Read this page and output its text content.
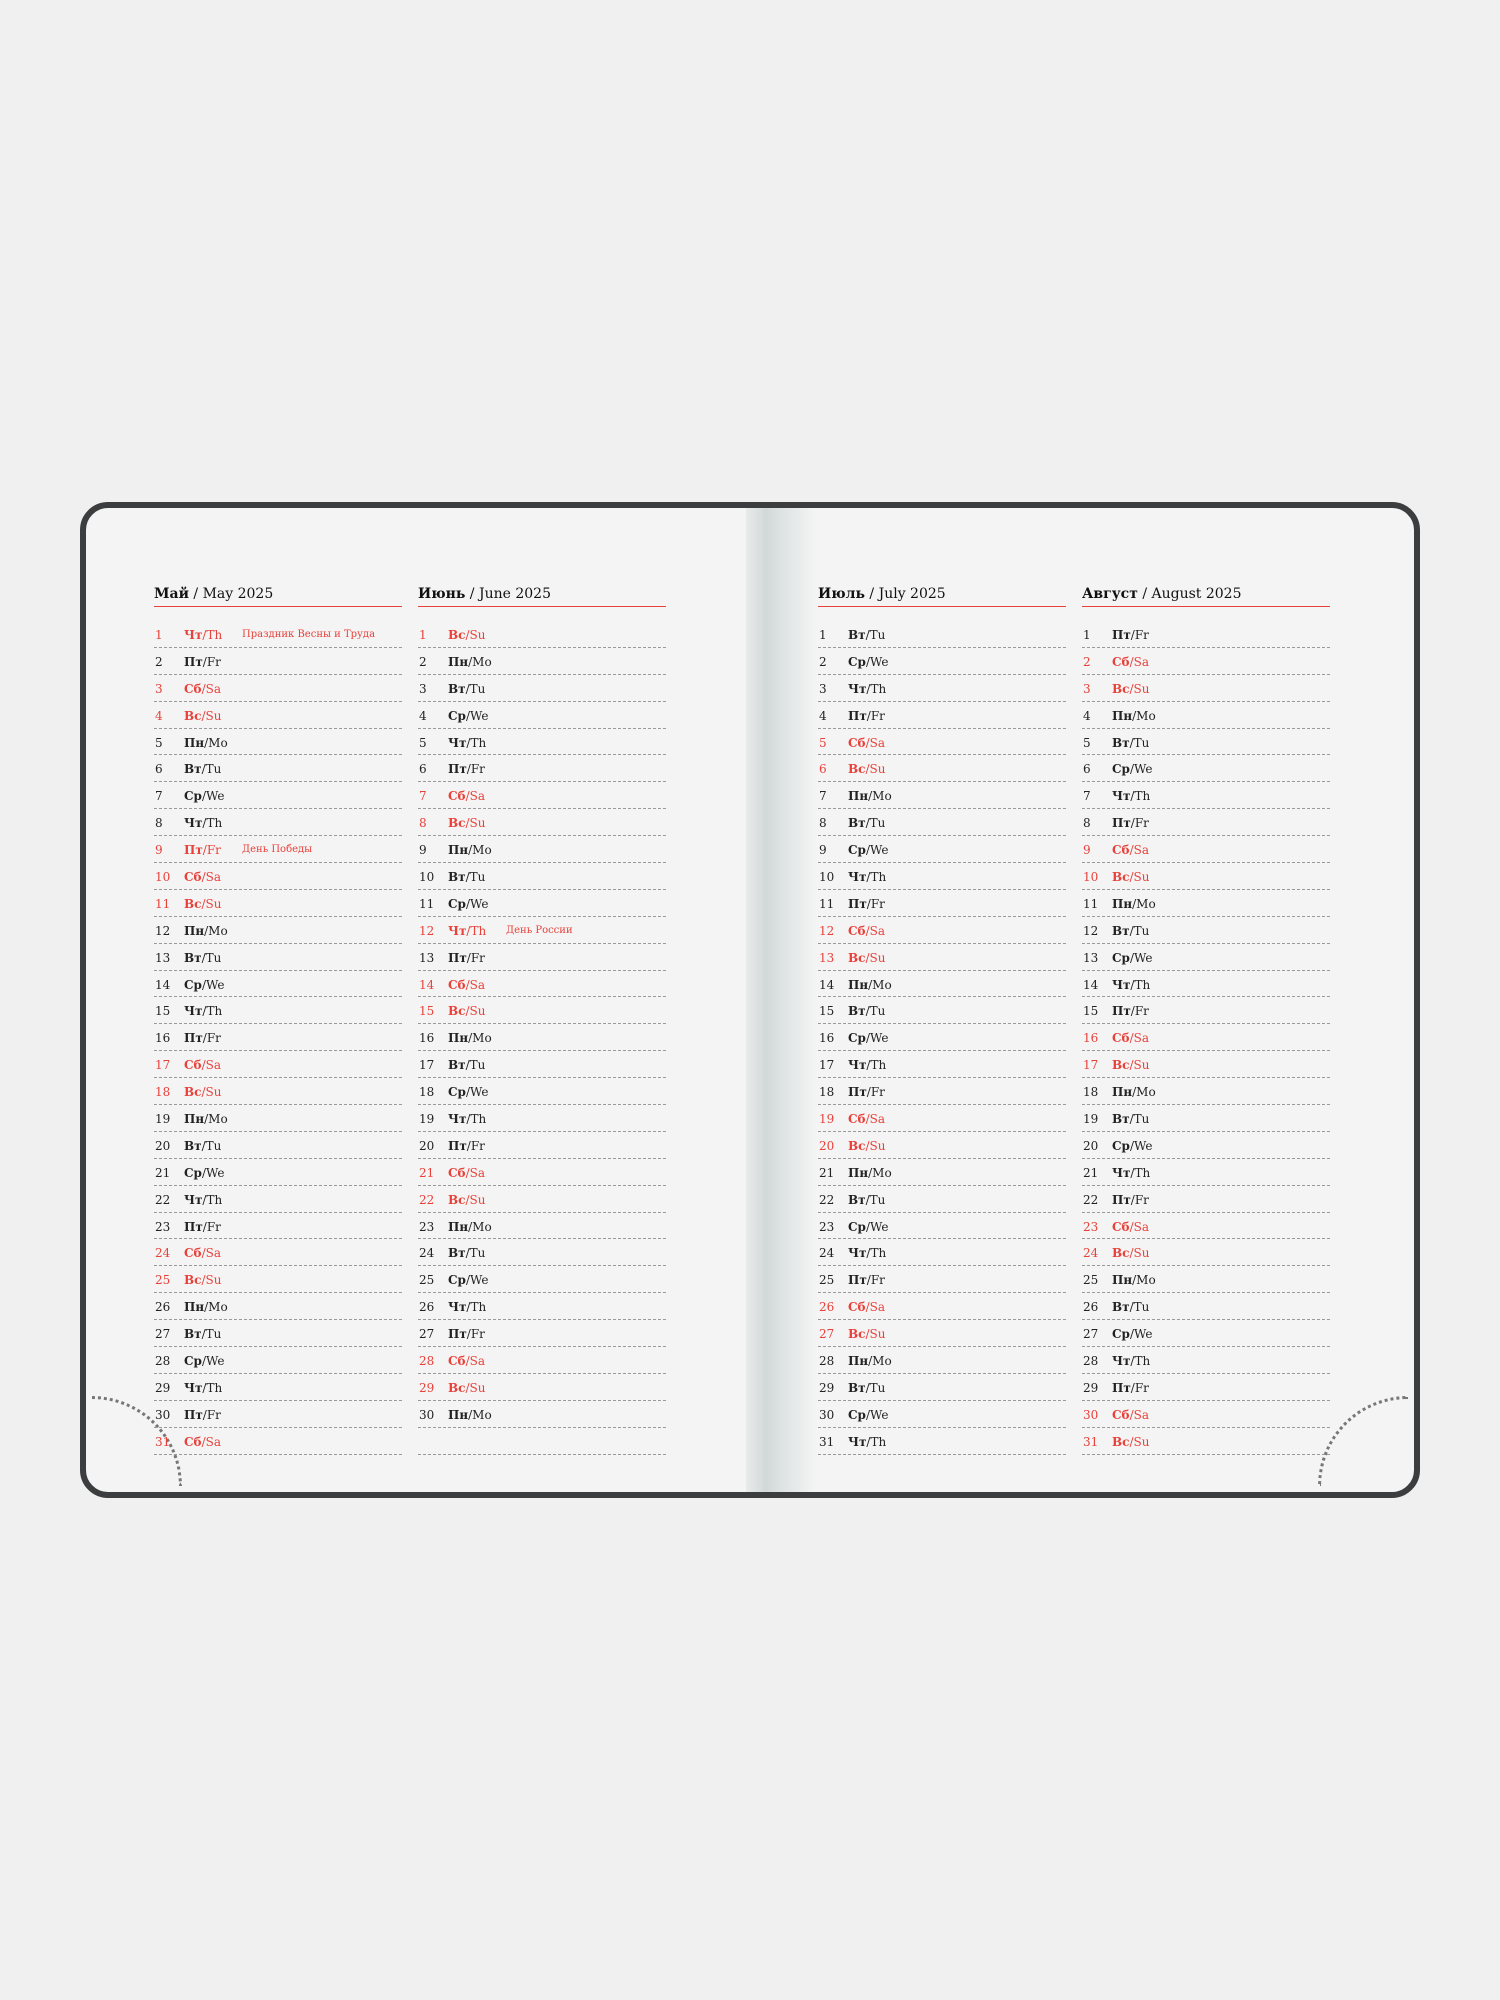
Май / May 2025
1 Чт/Th Праздник Весны и Труда
2 Пт/Fr
3 Сб/Sa
4 Вс/Su
5 Пн/Mo
6 Вт/Tu
7 Ср/We
8 Чт/Th
9 Пт/Fr День Победы
10 Сб/Sa
11 Вс/Su
12 Пн/Mo
13 Вт/Tu
14 Ср/We
15 Чт/Th
16 Пт/Fr
17 Сб/Sa
18 Вс/Su
19 Пн/Mo
20 Вт/Tu
21 Ср/We
22 Чт/Th
23 Пт/Fr
24 Сб/Sa
25 Вс/Su
26 Пн/Mo
27 Вт/Tu
28 Ср/We
29 Чт/Th
30 Пт/Fr
31 Сб/Sa
Июнь / June 2025
1 Вс/Su
2 Пн/Mo
3 Вт/Tu
4 Ср/We
5 Чт/Th
6 Пт/Fr
7 Сб/Sa
8 Вс/Su
9 Пн/Mo
10 Вт/Tu
11 Ср/We
12 Чт/Th День России
13 Пт/Fr
14 Сб/Sa
15 Вс/Su
16 Пн/Mo
17 Вт/Tu
18 Ср/We
19 Чт/Th
20 Пт/Fr
21 Сб/Sa
22 Вс/Su
23 Пн/Mo
24 Вт/Tu
25 Ср/We
26 Чт/Th
27 Пт/Fr
28 Сб/Sa
29 Вс/Su
30 Пн/Mo
Июль / July 2025
1 Вт/Tu
2 Ср/We
3 Чт/Th
4 Пт/Fr
5 Сб/Sa
6 Вс/Su
7 Пн/Mo
8 Вт/Tu
9 Ср/We
10 Чт/Th
11 Пт/Fr
12 Сб/Sa
13 Вс/Su
14 Пн/Mo
15 Вт/Tu
16 Ср/We
17 Чт/Th
18 Пт/Fr
19 Сб/Sa
20 Вс/Su
21 Пн/Mo
22 Вт/Tu
23 Ср/We
24 Чт/Th
25 Пт/Fr
26 Сб/Sa
27 Вс/Su
28 Пн/Mo
29 Вт/Tu
30 Ср/We
31 Чт/Th
Август / August 2025
1 Пт/Fr
2 Сб/Sa
3 Вс/Su
4 Пн/Mo
5 Вт/Tu
6 Ср/We
7 Чт/Th
8 Пт/Fr
9 Сб/Sa
10 Вс/Su
11 Пн/Mo
12 Вт/Tu
13 Ср/We
14 Чт/Th
15 Пт/Fr
16 Сб/Sa
17 Вс/Su
18 Пн/Mo
19 Вт/Tu
20 Ср/We
21 Чт/Th
22 Пт/Fr
23 Сб/Sa
24 Вс/Su
25 Пн/Mo
26 Вт/Tu
27 Ср/We
28 Чт/Th
29 Пт/Fr
30 Сб/Sa
31 Вс/Su
